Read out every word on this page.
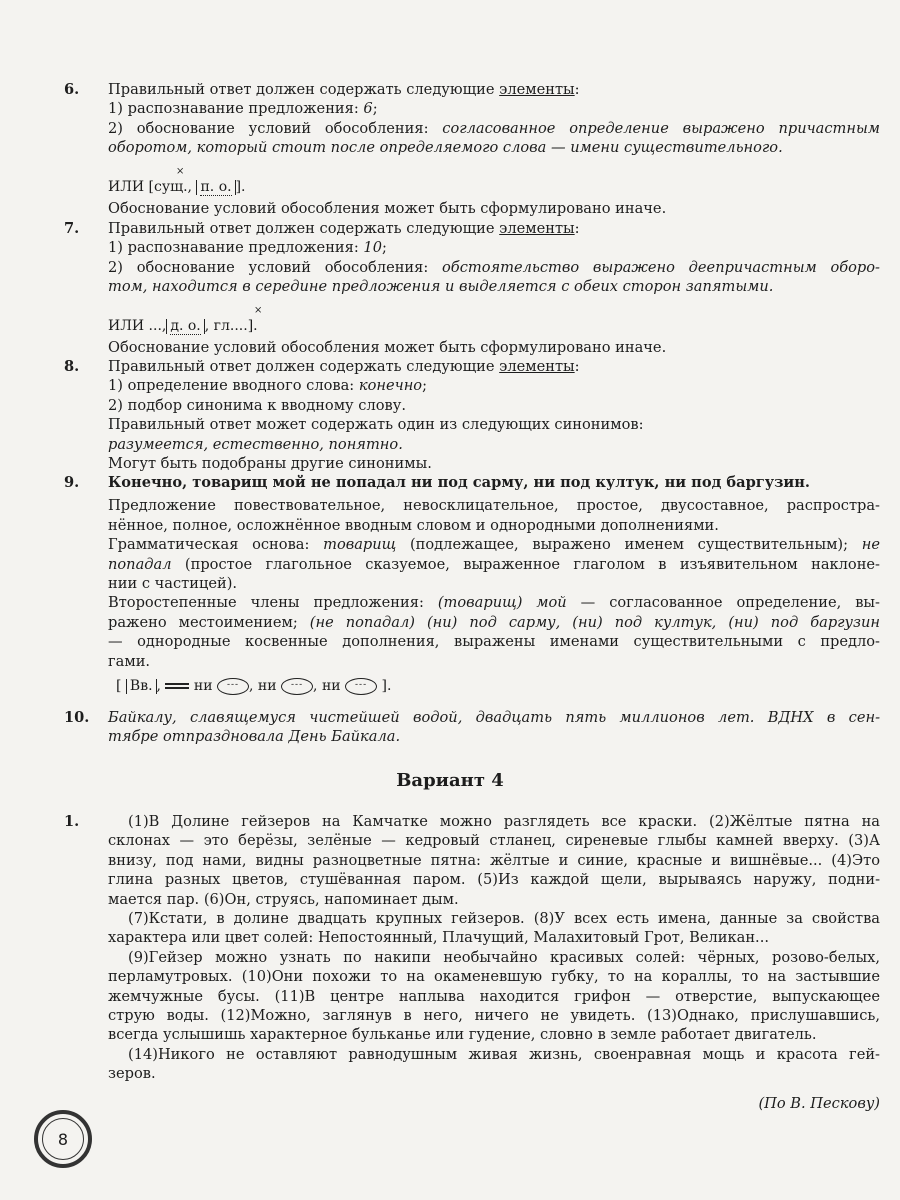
6.	Правильный ответ должен содержать следующие элементы:
1) распознавание предложения: 6;
2) обоснование условий обособления: согласованное определение выражено причастным
оборотом, который стоит после определяемого слова — имени существительного.
×
ИЛИ [сущ., п. о. ].
Обоснование условий обособления может быть сформулировано иначе.
7.	Правильный ответ должен содержать следующие элементы:
1) распознавание предложения: 10;
2) обоснование условий обособления: обстоятельство выражено деепричастным оборо-
том, находится в середине предложения и выделяется с обеих сторон запятыми.
×
ИЛИ ..., д. о. , гл....].
Обоснование условий обособления может быть сформулировано иначе.
8.	Правильный ответ должен содержать следующие элементы:
1) определение вводного слова: конечно;
2) подбор синонима к вводному слову.
Правильный ответ может содержать один из следующих синонимов:
разумеется, естественно, понятно.
Могут быть подобраны другие синонимы.
9.	Конечно, товарищ мой не попадал ни под сарму, ни под култук, ни под баргузин.
Предложение повествовательное, невосклицательное, простое, двусоставное, распростра-
нённое, полное, осложнённое вводным словом и однородными дополнениями.
Грамматическая основа: товарищ (подлежащее, выражено именем существительным); не
попадал (простое глагольное сказуемое, выраженное глаголом в изъявительном наклоне-
нии с частицей).
Второстепенные члены предложения: (товарищ) мой — согласованное определение, вы-
ражено местоимением; (не попадал) (ни) под сарму, (ни) под култук, (ни) под баргузин
— однородные косвенные дополнения, выражены именами существительными с предло-
гами.
[ Вв. , ни --- , ни --- , ни --- ].
10.	Байкалу, славящемуся чистейшей водой, двадцать пять миллионов лет. ВДНХ в сен-
тябре отпраздновала День Байкала.
Вариант 4
1.	(1)В Долине гейзеров на Камчатке можно разглядеть все краски. (2)Жёлтые пятна на
склонах — это берёзы, зелёные — кедровый стланец, сиреневые глыбы камней вверху. (3)А
внизу, под нами, видны разноцветные пятна: жёлтые и синие, красные и вишнёвые... (4)Это
глина разных цветов, стушёванная паром. (5)Из каждой щели, вырываясь наружу, подни-
мается пар. (6)Он, струясь, напоминает дым.
(7)Кстати, в долине двадцать крупных гейзеров. (8)У всех есть имена, данные за свойства
характера или цвет солей: Непостоянный, Плачущий, Малахитовый Грот, Великан...
(9)Гейзер можно узнать по накипи необычайно красивых солей: чёрных, розово-белых,
перламутровых. (10)Они похожи то на окаменевшую губку, то на кораллы, то на застывшие
жемчужные бусы. (11)В центре наплыва находится грифон — отверстие, выпускающее
струю воды. (12)Можно, заглянув в него, ничего не увидеть. (13)Однако, прислушавшись,
всегда услышишь характерное бульканье или гудение, словно в земле работает двигатель.
(14)Никого не оставляют равнодушным живая жизнь, своенравная мощь и красота гей-
зеров.
(По В. Пескову)
8
